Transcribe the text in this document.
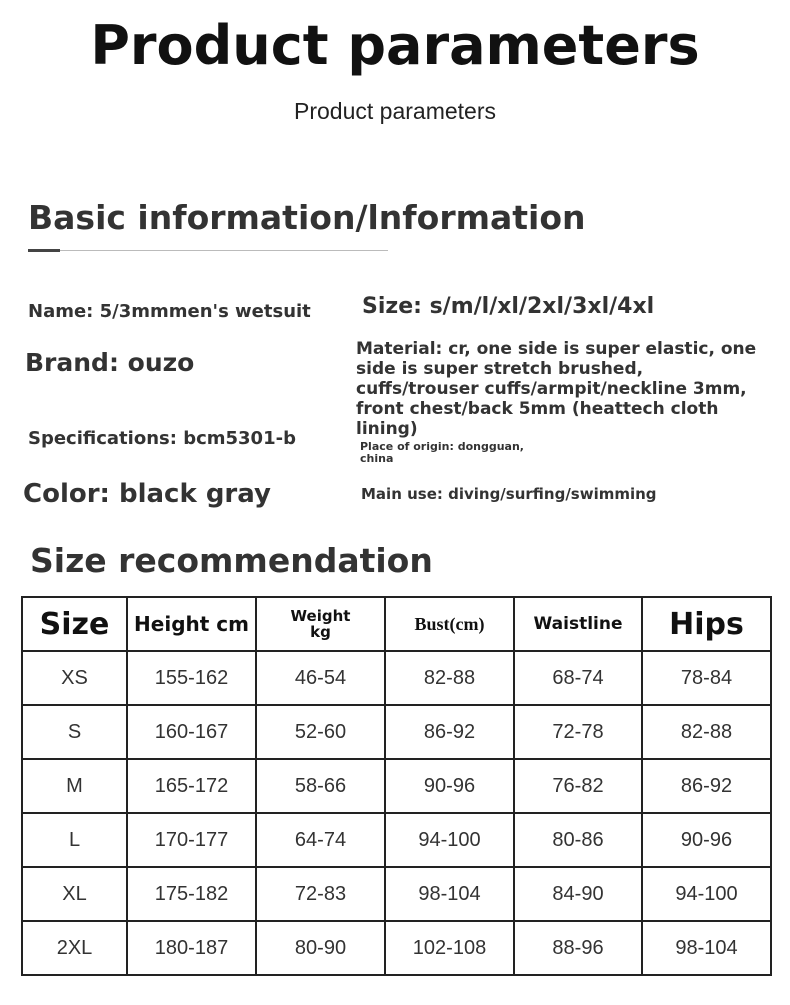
Product parameters
Product parameters
Basic information/lnformation
Name: 5/3mmmen's wetsuit
Brand: ouzo
Specifications: bcm5301-b
Color: black gray
Size: s/m/l/xl/2xl/3xl/4xl
Material: cr, one side is super elastic, one side is super stretch brushed, cuffs/trouser cuffs/armpit/neckline 3mm, front chest/back 5mm (heattech cloth lining)
Place of origin: dongguan, china
Main use: diving/surfing/swimming
Size recommendation
Size	Height cm	Weight kg	Bust(cm)	Waistline	Hips
XS	155-162	46-54	82-88	68-74	78-84
S	160-167	52-60	86-92	72-78	82-88
M	165-172	58-66	90-96	76-82	86-92
L	170-177	64-74	94-100	80-86	90-96
XL	175-182	72-83	98-104	84-90	94-100
2XL	180-187	80-90	102-108	88-96	98-104
